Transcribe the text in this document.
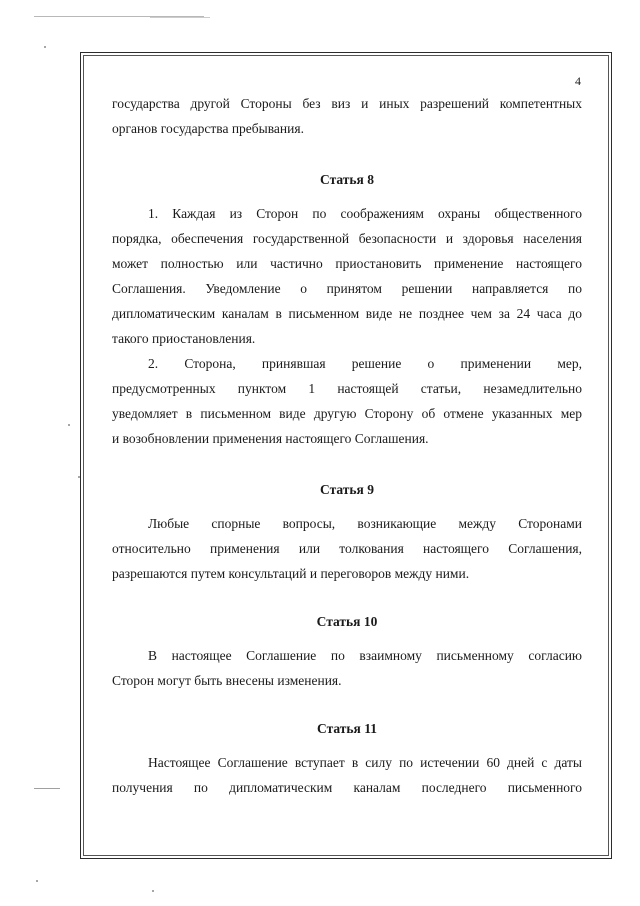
4
государства другой Стороны без виз и иных разрешений компетентных
органов государства пребывания.
Статья 8
1. Каждая из Сторон по соображениям охраны общественного
порядка, обеспечения государственной безопасности и здоровья населения
может полностью или частично приостановить применение настоящего
Соглашения. Уведомление о принятом решении направляется по
дипломатическим каналам в письменном виде не позднее чем за 24 часа до
такого приостановления.
2. Сторона, принявшая решение о применении мер,
предусмотренных пунктом 1 настоящей статьи, незамедлительно
уведомляет в письменном виде другую Сторону об отмене указанных мер
и возобновлении применения настоящего Соглашения.
Статья 9
Любые спорные вопросы, возникающие между Сторонами
относительно применения или толкования настоящего Соглашения,
разрешаются путем консультаций и переговоров между ними.
Статья 10
В настоящее Соглашение по взаимному письменному согласию
Сторон могут быть внесены изменения.
Статья 11
Настоящее Соглашение вступает в силу по истечении 60 дней с даты
получения по дипломатическим каналам последнего письменного
